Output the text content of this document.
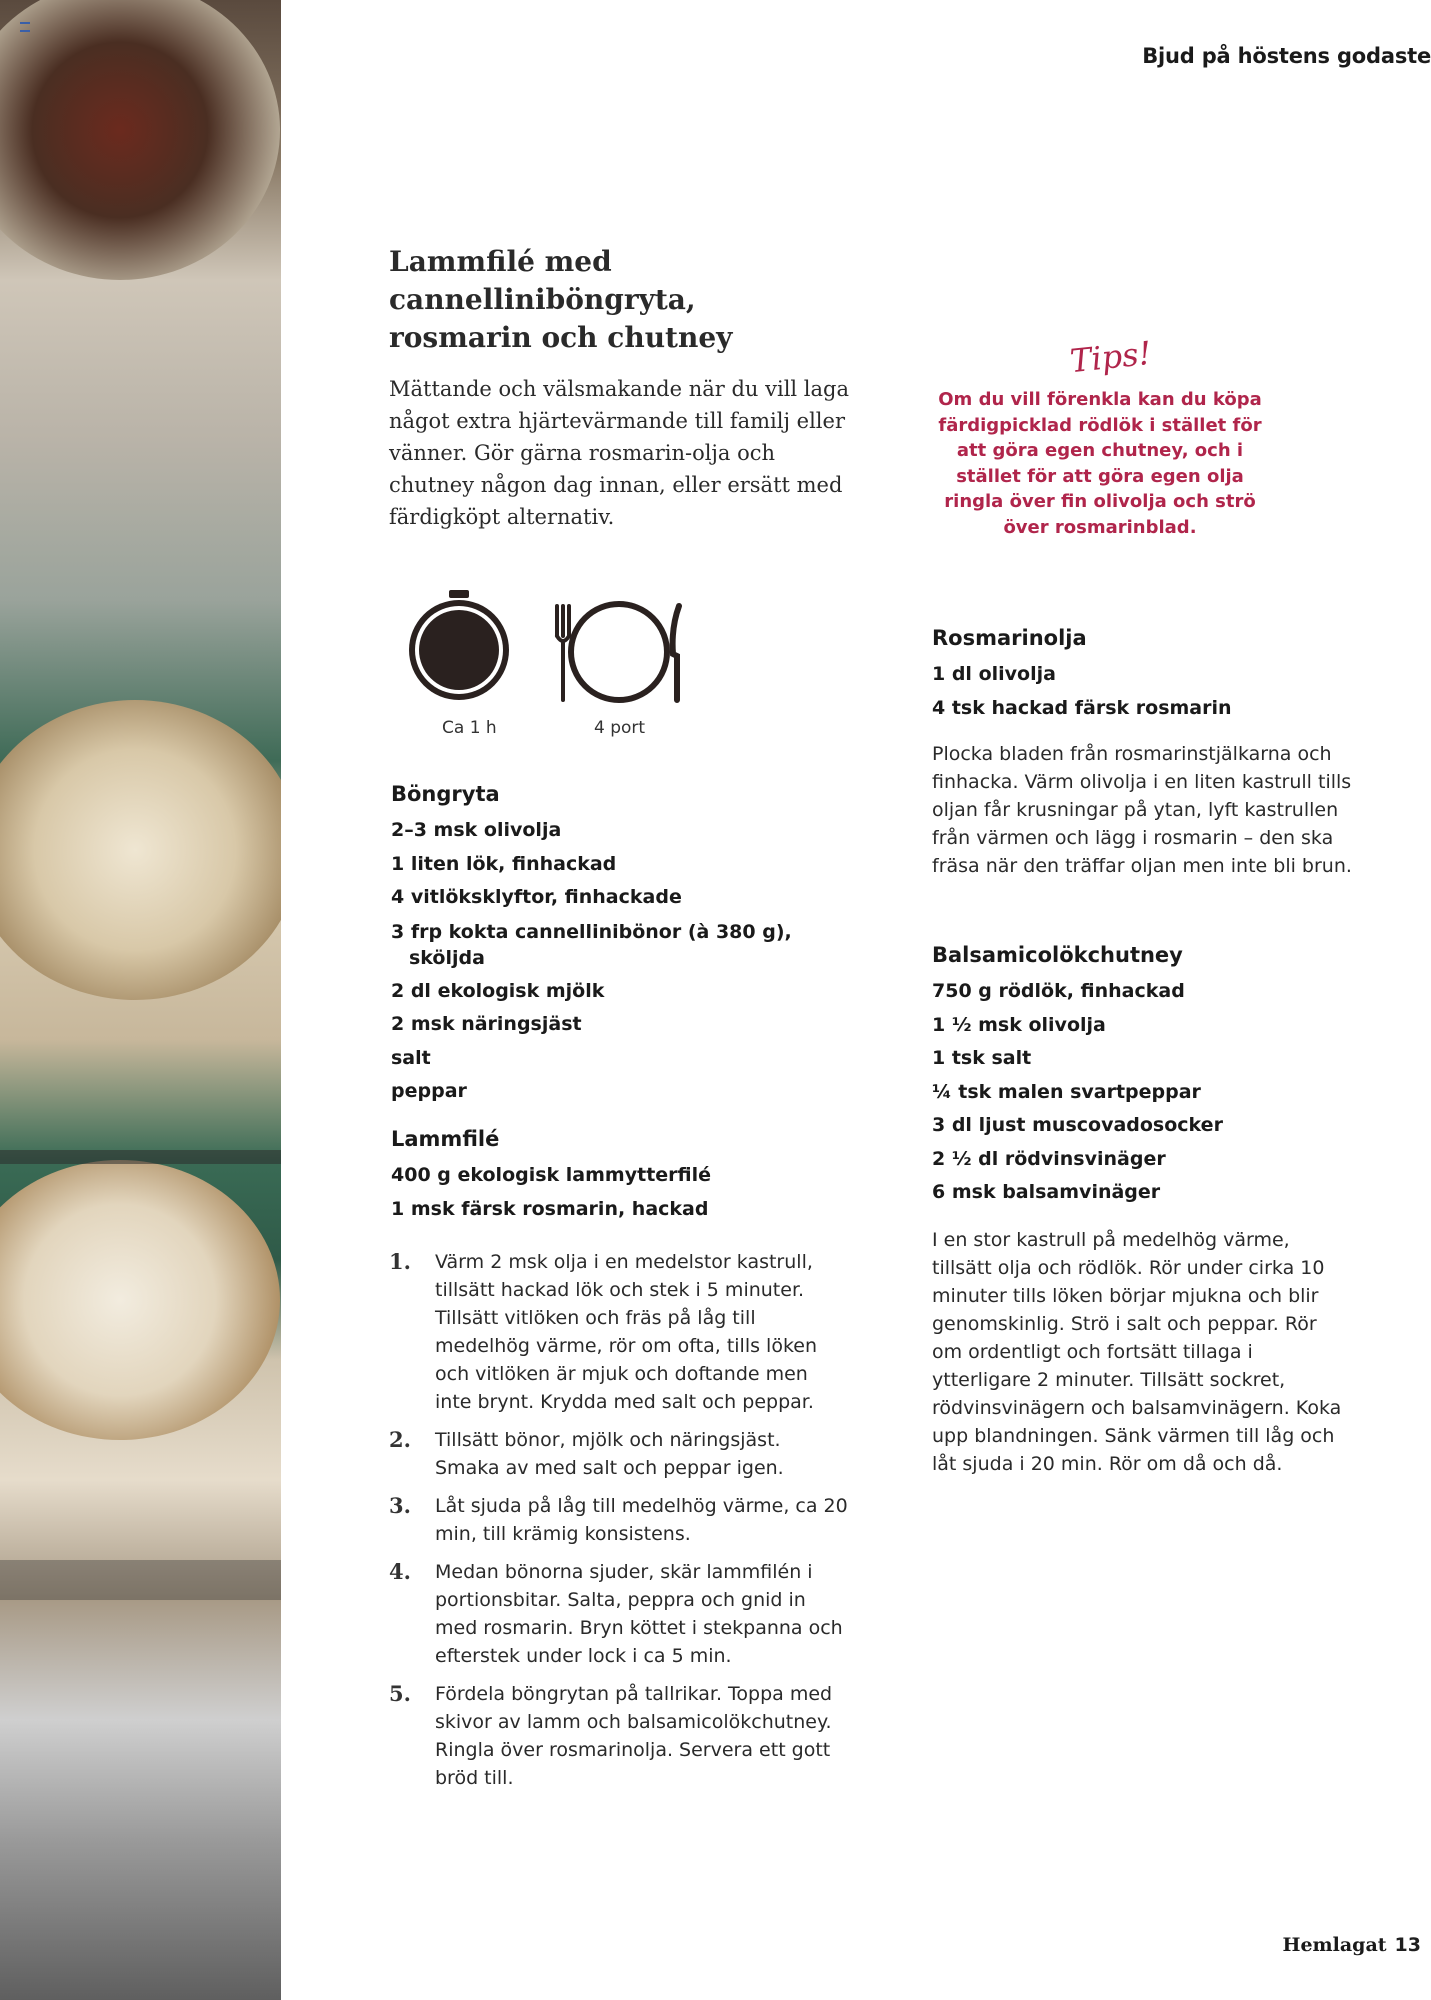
Bjud på höstens godaste
Lammfilé med
cannelliniböngryta,
rosmarin och chutney

Mättande och välsmakande när du vill laga något extra hjärtevärmande till familj eller vänner. Gör gärna rosmarin-olja och chutney någon dag innan, eller ersätt med färdigköpt alternativ.

Tips!

Om du vill förenkla kan du köpa färdigpicklad rödlök i stället för att göra egen chutney, och i stället för att göra egen olja ringla över fin olivolja och strö över rosmarinblad.

Ca 1 h	4 port
Böngryta
2–3 msk olivolja
1 liten lök, finhackad
4 vitlöksklyftor, finhackade
3 frp kokta cannellinibönor (à 380 g),
sköljda
2 dl ekologisk mjölk
2 msk näringsjäst
salt
peppar
Lammfilé
400 g ekologisk lammytterfilé
1 msk färsk rosmarin, hackad
1. Värm 2 msk olja i en medelstor kastrull, tillsätt hackad lök och stek i 5 minuter. Tillsätt vitlöken och fräs på låg till medelhög värme, rör om ofta, tills löken och vitlöken är mjuk och doftande men inte brynt. Krydda med salt och peppar.
2. Tillsätt bönor, mjölk och näringsjäst. Smaka av med salt och peppar igen.
3. Låt sjuda på låg till medelhög värme, ca 20 min, till krämig konsistens.
4. Medan bönorna sjuder, skär lammfilén i portionsbitar. Salta, peppra och gnid in med rosmarin. Bryn köttet i stekpanna och efterstek under lock i ca 5 min.
5. Fördela böngrytan på tallrikar. Toppa med skivor av lamm och balsamicolökchutney. Ringla över rosmarinolja. Servera ett gott bröd till.
Rosmarinolja
1 dl olivolja
4 tsk hackad färsk rosmarin

Plocka bladen från rosmarinstjälkarna och finhacka. Värm olivolja i en liten kastrull tills oljan får krusningar på ytan, lyft kastrullen från värmen och lägg i rosmarin – den ska fräsa när den träffar oljan men inte bli brun.

Balsamicolökchutney
750 g rödlök, finhackad
1 ½ msk olivolja
1 tsk salt
¼ tsk malen svartpeppar
3 dl ljust muscovadosocker
2 ½ dl rödvinsvinäger
6 msk balsamvinäger

I en stor kastrull på medelhög värme, tillsätt olja och rödlök. Rör under cirka 10 minuter tills löken börjar mjukna och blir genomskinlig. Strö i salt och peppar. Rör om ordentligt och fortsätt tillaga i ytterligare 2 minuter. Tillsätt sockret, rödvinsvinägern och balsamvinägern. Koka upp blandningen. Sänk värmen till låg och låt sjuda i 20 min. Rör om då och då.

Hemlagat 13
